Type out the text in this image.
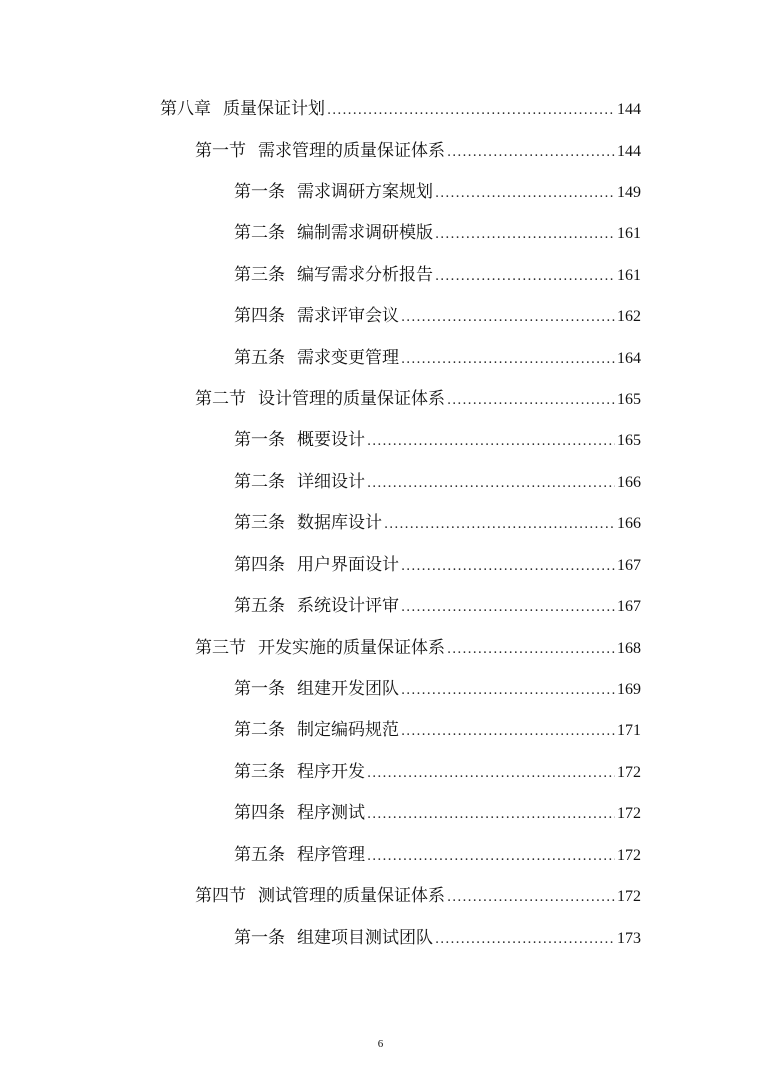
第八章 质量保证计划 .....	144
第一节 需求管理的质量保证体系 .....	144
第一条 需求调研方案规划 .....	149
第二条 编制需求调研模版 .....	161
第三条 编写需求分析报告 .....	161
第四条 需求评审会议 .....	162
第五条 需求变更管理 .....	164
第二节 设计管理的质量保证体系 .....	165
第一条 概要设计 .....	165
第二条 详细设计 .....	166
第三条 数据库设计 .....	166
第四条 用户界面设计 .....	167
第五条 系统设计评审 .....	167
第三节 开发实施的质量保证体系 .....	168
第一条 组建开发团队 .....	169
第二条 制定编码规范 .....	171
第三条 程序开发 .....	172
第四条 程序测试 .....	172
第五条 程序管理 .....	172
第四节 测试管理的质量保证体系 .....	172
第一条 组建项目测试团队 .....	173
6
